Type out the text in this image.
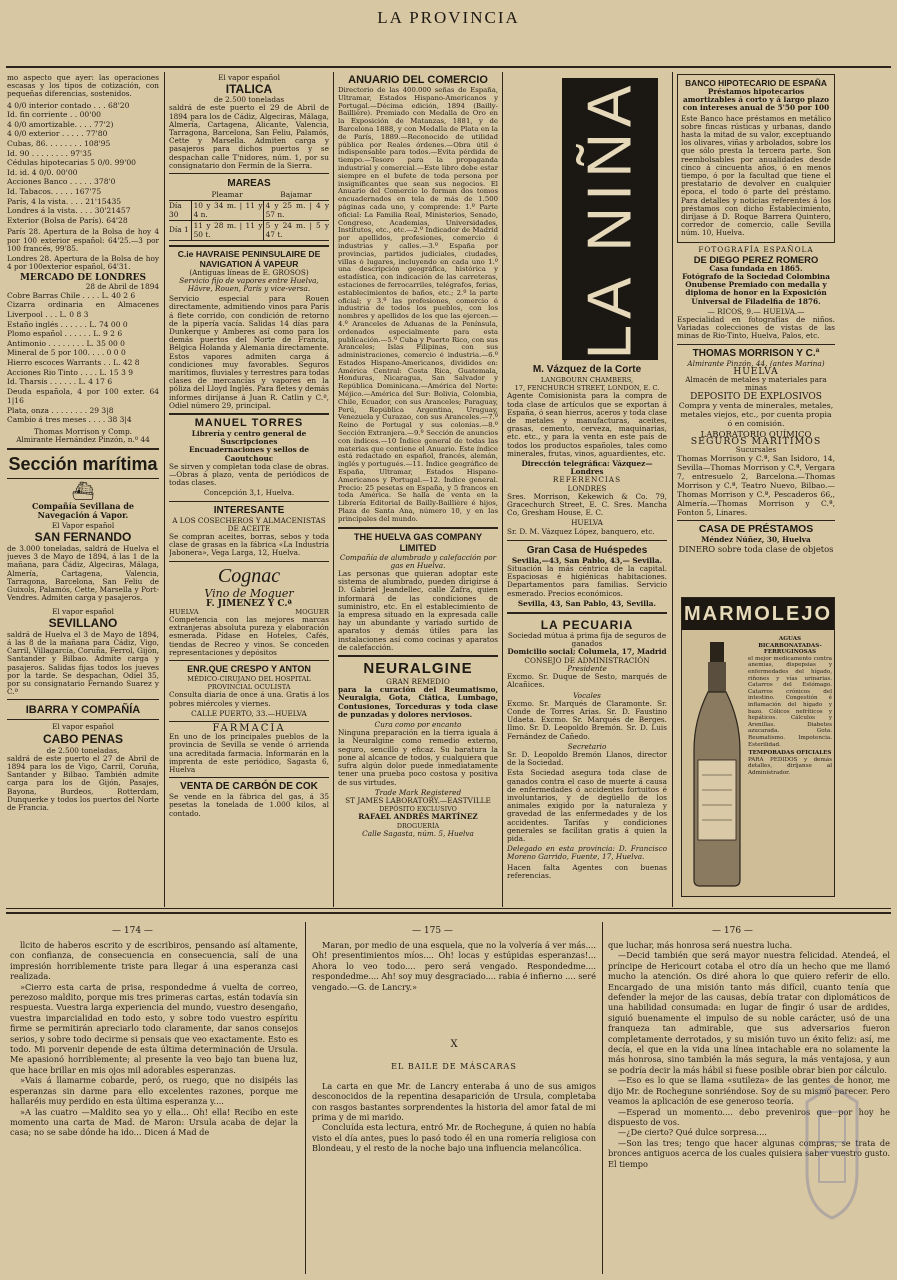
LA PROVINCIA

mo aspecto que ayer: las operaciones escasas y los tipos de cotización, con pequeñas diferencias, sostenidos.

4 0/0 interior contado . . . 68'20
Id. fin corriente . . 00'00
4 0/0 amortizable. . . . 77'2)
4 0/0 exterior . . . . . 77'80
Cubas, 86. . . . . . . . 108'95
Id. 90 . . . . . . . . 97'35
Cédulas hipotecarias 5 0/0. 99'00
Id. id. 4 0/0. 00'00
Acciones Banco . . . . . 378'0
Id. Tabacos. . . . . 167'75
París, 4 la vista. . . . 21'15435
Londres á la vista. . . . 30'21457
Exterior (Bolsa de París). 64'28

París 28. Apertura de la Bolsa de hoy 4 por 100 exterior español: 64'25.—3 por 100 francés, 99'85.

Londres 28. Apertura de la Bolsa de hoy 4 por 100exterior español, 64'31.

MERCADO DE LONDRES
28 de Abril de 1894
Cobre Barras Chile . . . . L. 40 2 6
Cizarra ordinaria en Almacenes Liverpool . . . L. 0 8 3
Estaño inglés . . . . . . L. 74 00 0
Plomo español . . . . . . L. 9 2 6
Antimonio . . . . . . . . L. 35 00 0
Mineral de 5 por 100. . . . 0 0 0
Hierro escoces Warrants . . L. 42 8
Acciones Rio Tinto . . . . L. 15 3 9
Id. Tharsis . . . . . . L. 4 17 6
Deuda española, 4 por 100 exter. 64 1|16
Plata, onza . . . . . . . . 29 3|8
Cambio á tres meses . . . . 38 3|4
Thomas Morrison y Comp.
Almirante Hernández Pinzón, n.º 44
Sección marítima
⛴
Compañía Sevillana de Navegación á Vapor.
El Vapor español
SAN FERNANDO

de 3.000 toneladas, saldrá de Huelva el jueves 3 de Mayo de 1894, á las 1 de la mañana, para Cádiz, Algeciras, Málaga, Almería, Cartagena, Valencia, Tarragona, Barcelona, San Feliu de Guixols, Palamós, Cette, Marsella y Port-Vendres. Admiten carga y pasajeros.

El vapor español
SEVILLANO

saldrá de Huelva el 3 de Mayo de 1894, á las 8 de la mañana para Cádiz, Vigo, Carril, Villagarcía, Coruña, Ferrol, Gijón, Santander y Bilbao. Admite carga y pasajeros. Salidas fijas todos los jueves por la tarde. Se despachan, Odiel 35, por su consignatario Fernando Suarez y C.ª

IBARRA Y COMPAÑÍA
El vapor español
CABO PENAS
de 2.500 toneladas,

saldrá de este puerto el 27 de Abril de 1894 para los de Vigo, Carril, Coruña, Santander y Bilbao. También admite carga para los de Gijón, Pasajes, Bayona, Burdeos, Rotterdam, Dunquerke y todos los puertos del Norte de Francia.

El vapor español
ITALICA
de 2.500 toneladas

saldrá de este puerto el 29 de Abril de 1894 para los de Cádiz, Algeciras, Málaga, Almería, Cartagena, Alicante, Valencia, Tarragona, Barcelona, San Feliu, Palamós, Cette y Marsella. Admiten carga y pasajeros para dichos puertos y se despachan calle T'nidores, núm. 1, por su consignatario don Fermín de la Sierra.

MAREAS
	Pleamar	Bajamar
Día 30	10 y 34 m. | 11 y 4 n.	4 y 25 m. | 4 y 57 n.
Día 1	11 y 28 m. | 11 y 50 t.	5 y 24 m. | 5 y 47 t.
C.ie HAVRAISE PENINSULAIRE DE NAVIGATION Á VAPEUR
(Antiguas líneas de E. GROSOS)

Servicio fijo de vapores entre Huelva, Hâvre, Rouen, París y vice-versa.

Servicio especial para Rouen directamente, admitiendo vinos para París á flete corrido, con condición de retorno de la pipería vacía. Salidas 14 días para Dunkerque y Amberes así como para los demás puertos del Norte de Francia, Bélgica Holanda y Alemania directamente. Estos vapores admiten carga á condiciones muy favorables. Seguros marítimos, fluviales y terrestres para todas clases de mercancías y vapores en la póliza del Lloyd Inglés. Para fletes y demás informes diríjanse á Juan R. Catlin y C.ª, Odiel número 29, principal.

MANUEL TORRES
Librería y centro general de Suscripciones
Encuadernaciones y sellos de Caoutchouc

Se sirven y completan toda clase de obras.—Obras á plazo, venta de periódicos de todas clases.

Concepción 3,1, Huelva.
INTERESANTE
A LOS COSECHEROS Y ALMACENISTAS DE ACEITE

Se compran aceites, borras, sebos y toda clase de grasas en la fábrica «La Industria Jabonera», Vega Larga, 12, Huelva.

Cognac
Vino de Moguer
F. JIMENEZ Y C.ª
HUELVA	MOGUER

Competencia con las mejores marcas extranjeras absoluta pureza y elaboración esmerada. Pídase en Hoteles, Cafés, tiendas de Recreo y vinos. Se conceden representaciones y depósitos

ENR.QUE CRESPO Y ANTON
MÉDICO-CIRUJANO DEL HOSPITAL PROVINCIAL OCULISTA

Consulta diaria de once á una. Gratis á los pobres miércoles y viernes.

CALLE PUERTO, 33.—HUELVA
FARMACIA

En uno de los principales pueblos de la provincia de Sevilla se vende ó arrienda una acreditada farmacia. Informarán en la imprenta de este periódico, Sagasta 6, Huelva

VENTA DE CARBÓN DE COK

Se vende en la fábrica del gas, á 35 pesetas la tonelada de 1.000 kilos, al contado.

ANUARIO DEL COMERCIO

Directorio de las 400.000 señas de España, Ultramar, Estados Hispano-Americanos y Portugal.—Décima edición, 1894 (Bailly-Baillière). Premiado con Medalla de Oro en la Exposición de Matanzas, 1881, y de Barcelona 1888, y con Medalla de Plata en la de París, 1889.—Reconocido de utilidad pública por Reales órdenes.—Obra útil é indispensable para todos.—Evita pérdida de tiempo.—Tesoro para la propaganda industrial y comercial.—Este libro debe estar siempre en el bufete de toda persona por insignificantes que sean sus negocios. El Anuario del Comercio lo forman dos tomos encuadernados en tela de más de 1.500 páginas cada uno, y comprende: 1.º Parte oficial: La Familia Real, Ministerios, Senado, Congreso, Academias, Universidades, Institutos, etc., etc.—2.º Indicador de Madrid por apellidos, profesiones, comercio é industrias y calles.—3.º España por provincias, partidos judiciales, ciudades, villas ó lugares, incluyendo en cada uno 1.º una descripción geográfica, histórica y estadística, con indicación de las carreteras, estaciones de ferrocarriles, telégrafos, ferias, establecimientos de baños, etc.; 2.º la parte oficial; y 3.º las profesiones, comercio é industria de todos los pueblos, con los nombres y apellidos de los que las ejercen.—4.º Aranceles de Aduanas de la Península, ordenados especialmente para esta publicación.—5.º Cuba y Puerto Rico, con sus Aranceles; Islas Filipinas, con sus administraciones, comercio é industria.—6.º Estados Hispano-Americanos, divididos en: América Central: Costa Rica, Guatemala, Honduras, Nicaragua, San Salvador y República Dominicana.—América del Norte: Méjico.—América del Sur: Bolivia, Colombia, Chile, Ecuador, con sus Aranceles; Paraguay, Perú, República Argentina, Uruguay, Venezuela y Curazao, con sus Aranceles.—7.º Reino de Portugal y sus colonias.—8.º Sección Extranjera.—9.º Sección de anuncios con índices.—10 Índice general de todas las materias que contiene el Anuario. Este índice está redactado en español, francés, alemán, inglés y portugués.—11. Índice geográfico de España, Ultramar, Estados Hispano-Americanos y Portugal.—12. Índice general. Precio: 25 pesetas en España, y 5 francos en toda América. Se halla de venta en la Librería Editorial de Bailly-Baillière é hijos, Plaza de Santa Ana, número 10, y en las principales del mundo.

THE HUELVA GAS COMPANY LIMITED
Compañía de alumbrado y calefacción por gas en Huelva.

Las personas que quieran adoptar este sistema de alumbrado, pueden dirigirse á D. Gabriel Jeandellec, calle Zafra, quien informará de las condiciones de suministro, etc. En el establecimiento de la empresa situado en la expresada calle hay un abundante y variado surtido de aparatos y demás útiles para las instalaciones así como cocinas y aparatos de calefacción.

NEURALGINE
GRAN REMEDIO

para la curación del Reumatismo, Neuralgia, Gota, Ciática, Lumbago, Contusiones, Torceduras y toda clase de punzadas y dolores nerviosos.

Cura como por encanto

Ninguna preparación en la tierra iguala á la Neuralgine como remedio externo, seguro, sencillo y eficaz. Su baratura la pone al alcance de todos, y cualquiera que sufra algún dolor puede inmediatamente tener una prueba poco costosa y positiva de sus virtudes.

Trade Mark Registered
ST JAMES LABORATORY.—EASTVILLE
DEPÓSITO EXCLUSIVO
RAFAEL ANDRÉS MARTÍNEZ
DROGUERÍA
Calle Sagasta, núm. 5, Huelva
LA NIÑA
M. Vázquez de la Corte
LANGBOURN CHAMBERS,
17, FENCHURCH STREET, LONDON, E. C.

Agente Comisionista para la compra de toda clase de artículos que se exportan á España, ó sean hierros, aceros y toda clase de metales y manufacturas, aceites, grasas, cemento, cerveza, maquinarias, etc. etc., y para la venta en este país de todos los productos españoles, tales como minerales, frutas, vinos, aguardientes, etc.

Dirección telegráfica: Vázquez—Londres
REFERENCIAS
LONDRES

Sres. Morrison, Kekewich & Co. 79, Gracechurch Street, E. C. Sres. Mancha Co, Gresham House, E. C.

HUELVA

Sr. D. M. Vázquez López, banquero, etc.

Gran Casa de Huéspedes
Sevilla,—43, San Pablo, 43,— Sevilla.

Situación la más céntrica de la capital. Espaciosas é higiénicas habitaciones. Departamentos para familias. Servicio esmerado. Precios económicos.

Sevilla, 43, San Pablo, 43, Sevilla.
LA PECUARIA
Sociedad mútua á prima fija de seguros de ganados
Domicilio social; Columela, 17, Madrid
CONSEJO DE ADMINISTRACIÓN
Presidente

Excmo. Sr. Duque de Sesto, marqués de Alcañices.

Vocales

Excmo. Sr. Marqués de Claramonte. Sr. Conde de Torres Arias. Sr. D. Faustino Udaeta. Excmo. Sr. Marqués de Berges. Ilmo. Sr. D. Leopoldo Bremón. Sr. D. Luis Fernández de Cañedo.

Secretario

Sr. D. Leopoldo Bremón Llanos, director de la Sociedad.

Esta Sociedad asegura toda clase de ganados contra el caso de muerte á causa de enfermedades ó accidentes fortuitos é involuntarios, y de degüello de los animales exigido por la naturaleza y gravedad de las enfermedades y de los accidentes. Tarifas y condiciones generales se facilitan gratis á quien la pida.

Delegado en esta provincia: D. Francisco Moreno Garrido, Fuente, 17, Huelva.

Hacen falta Agentes con buenas referencias.

BANCO HIPOTECARIO DE ESPAÑA

Préstamos hipotecarios amortizables á corto y á largo plazo con intereses anual de 5'50 por 100

Este Banco hace préstamos en metálico sobre fincas rústicas y urbanas, dando hasta la mitad de su valor, exceptuando los olivares, viñas y arbolados, sobre los que sólo presta la tercera parte. Son reembolsables por anualidades desde cinco á cincuenta años, ó en menos tiempo, ó por la facultad que tiene el prestatario de devolver en cualquier época, el todo ó parte del préstamo. Para detalles y noticias referentes á los préstamos con dicho Establecimiento, diríjase á D. Roque Barrera Quintero, corredor de comercio, calle Sevilla núm. 10, Huelva.

FOTOGRAFÍA ESPAÑOLA
DE DIEGO PEREZ ROMERO
Casa fundada en 1865.

Fotógrafo de la Sociedad Colombina Onubense Premiado con medalla y diploma de honor en la Exposición Universal de Filadelfia de 1876.

— RICOS, 9.— HUELVA.—

Especialidad en fotografías de niños. Variadas colecciones de vistas de las minas de Rio-Tinto, Huelva, Palos, etc.

THOMAS MORRISON Y C.ª
Almirante Pinzón, 44, (antes Marina)
HUELVA
Almacén de metales y materiales para minas
DEPOSITO DE EXPLOSIVOS

Compra y venta de minerales, metales, metales viejos, etc., por cuenta propia ó en comisión.

LABORATORIO QUÍMICO
SEGUROS MARITIMOS
Sucursales

Thomas Morrison y C.ª, San Isidoro, 14, Sevilla—Thomas Morrison y C.ª, Vergara 7, entresuelo 2, Barcelona.—Thomas Morrison y C.ª, Teatro Nuevo, Bilbao.—Thomas Morrison y C.ª, Pescaderos 66,, Almería.—Thomas Morrison y C.ª, Fonton 5, Linares.

CASA DE PRÉSTAMOS
Méndez Núñez, 30, Huelva
DINERO sobre toda clase de objetos
MARMOLEJO
AGUAS BICARBONATADAS-FERRUGINOSAS

el mejor medicamento contra anemias, dispepsias y enfermedades del hígado, riñones y vías urinarias. Catarros del Estómago. Catarros crónicos del intestino. Congestión é inflamación del hígado y bazo. Cólicos nefríticos y hepáticos. Cálculos y Arenillas. Diabetes azucarada. Gota. Reumatismo. Impotencia. Esterilidad.

TEMPORADAS OFICIALES

PARA PEDIDOS y demás detalles, diríjanse al Administrador.

— 174 —	— 175 —	— 176 —

llcito de haberos escrito y de escribiros, pensando así altamente, con confianza, de consecuencia en consecuencia, salí de una impresión horriblemente triste para llegar á una esperanza casi realizada.

»Cierro esta carta de prisa, respondedme á vuelta de correo, perezoso maldito, porque mis tres primeras cartas, están todavía sin respuesta. Vuestra larga experiencia del mundo, vuestro desengaño, vuestra imparcialidad en todo esto, y sobre todo vuestro espíritu firme se permitirán apreciarlo todo claramente, dar sanos consejos serios, y sobre todo decirme si pensais que veo exactamente. Esto es todo. Mi porvenir depende de esta última determinación de Ursula. Me apasionó horriblemente; al presente la veo bajo tan buena luz, que hace brillar en mis ojos mil adorables esperanzas.

»Vais á llamarme cobarde, peró, os ruego, que no disipéis las esperanzas sin darme para ello excelentes razones, porque me hallaréis muy perdido en esta última esperanza y....

»A las cuatro —Maldito sea yo y ella... Oh! ella! Recibo en este momento una carta de Mad. de Maron: Ursula acaba de dejar la casa; no se sabe dónde ha ido... Dicen á Mad de

Maran, por medio de una esquela, que no la volvería á ver más.... Oh! presentimientos míos.... Oh! locas y estúpidas esperanzas!... Ahora lo veo todo.... pero será vengado. Respondedme.... respondedme.... Ah! soy muy desgraciado.... rabia é infierno .... seré vengado.—G. de Lancry.»

X
EL BAILE DE MÁSCARAS

La carta en que Mr. de Lancry enteraba á uno de sus amigos desconocidos de la repentina desaparición de Ursula, completaba con rasgos bastantes sorprendentes la historia del amor fatal de mi prima y de mi marido.

Concluída esta lectura, entró Mr. de Rochegune, á quien no había visto el día antes, pues lo pasó todo él en una romería religiosa con Blondeau, y el resto de la noche bajo una influencia melancólica.

que luchar, más honrosa será nuestra lucha.

—Decid también que será mayor nuestra felicidad. Atendeá, el príncipe de Hericourt cotaba el otro día un hecho que me llamó mucho la atención. Os diré ahora lo que quiero referir de ello. Encargado de una misión tanto más difícil, cuanto tenía que defender la mejor de las causas, debía tratar con diplomáticos de una habilidad consumada: en lugar de fingir ó usar de ardides, siguió buenamente el impulso de su noble carácter, usó de una franqueza tan admirable, que sus adversarios fueron completamente derrotados, y su misión tuvo un éxito feliz: así, me decía, el que en la vida una línea intachable era no solamente la más honrosa, sino también la más segura, la más ventajosa, y aun se podría decir la más hábil si fuese posible obrar bien por cálculo.

—Eso es lo que se llama «sutileza» de las gentes de honor, me dijo Mr. de Rochegune sonriéndose. Soy de su mismo parecer. Pero veamos la aplicación de ese generoso teoría.

—Esperad un momento.... debo preveniros que por hoy he dispuesto de vos.

—¿De cierto? Qué dulce sorpresa....

—Son las tres; tengo que hacer algunas compras, se trata de bronces antiguos acerca de los cuales quisiera saber vuestro gusto. El tiempo
